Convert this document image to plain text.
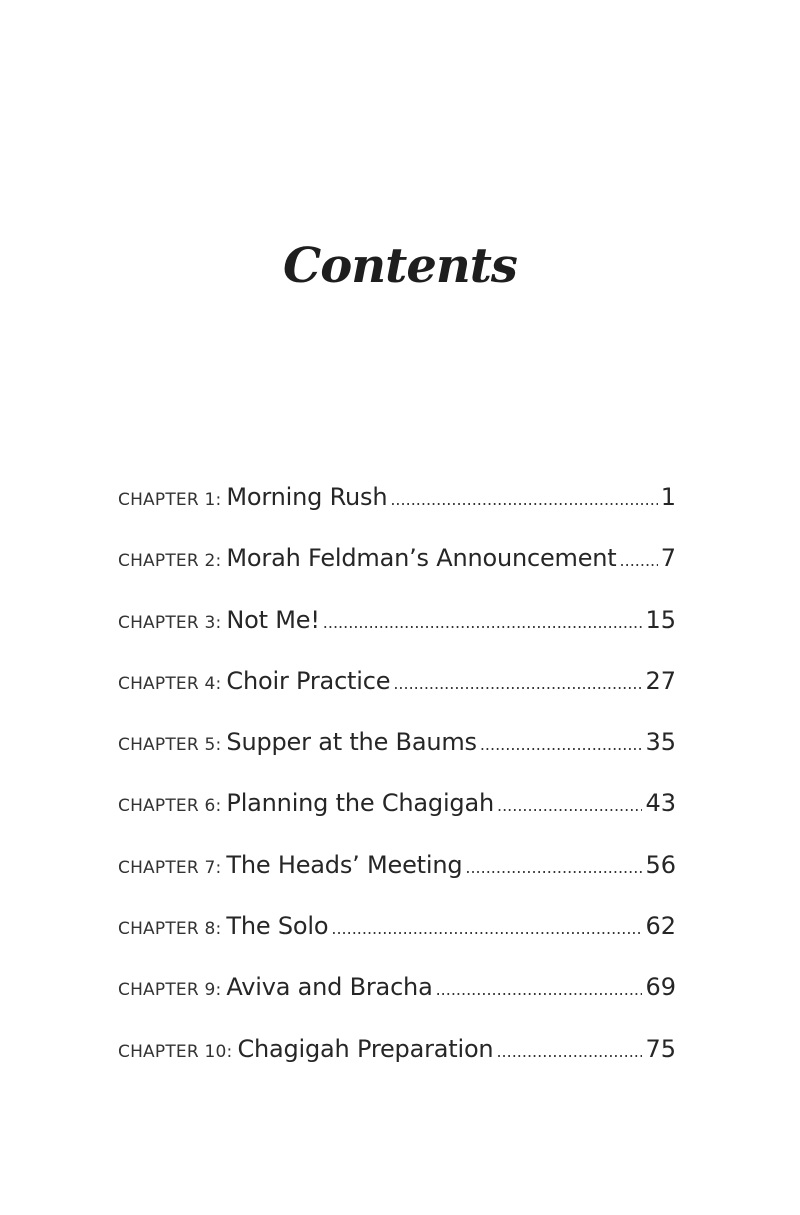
Contents
CHAPTER 1: Morning Rush .....	1
CHAPTER 2: Morah Feldman’s Announcement ..... 7
CHAPTER 3: Not Me! .....	15
CHAPTER 4: Choir Practice .....	27
CHAPTER 5: Supper at the Baums .....	35
CHAPTER 6: Planning the Chagigah .....	43
CHAPTER 7: The Heads’ Meeting .....	56
CHAPTER 8: The Solo .....	62
CHAPTER 9: Aviva and Bracha .....	69
CHAPTER 10: Chagigah Preparation .....	75
